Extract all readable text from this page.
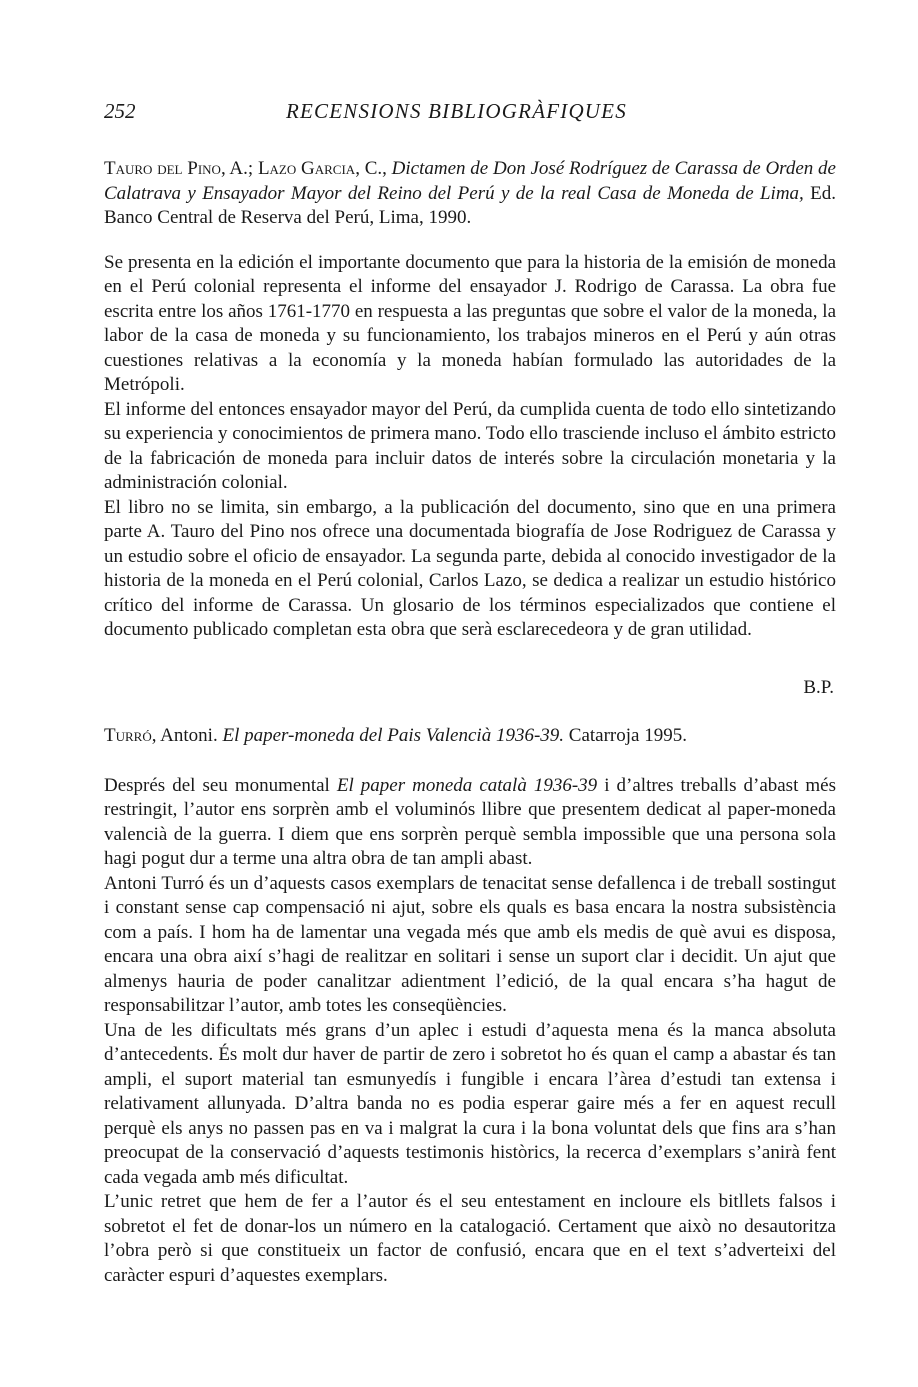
252	RECENSIONS BIBLIOGRÀFIQUES

Tauro del Pino, A.; Lazo Garcia, C., Dictamen de Don José Rodríguez de Carassa de Orden de Calatrava y Ensayador Mayor del Reino del Perú y de la real Casa de Moneda de Lima, Ed. Banco Central de Reserva del Perú, Lima, 1990.

Se presenta en la edición el importante documento que para la historia de la emisión de moneda en el Perú colonial representa el informe del ensayador J. Rodrigo de Carassa. La obra fue escrita entre los años 1761-1770 en respuesta a las preguntas que sobre el valor de la moneda, la labor de la casa de moneda y su funcionamiento, los trabajos mineros en el Perú y aún otras cuestiones relativas a la economía y la moneda habían formulado las autoridades de la Metrópoli.

El informe del entonces ensayador mayor del Perú, da cumplida cuenta de todo ello sintetizando su experiencia y conocimientos de primera mano. Todo ello trasciende incluso el ámbito estricto de la fabricación de moneda para incluir datos de interés sobre la circulación monetaria y la administración colonial.

El libro no se limita, sin embargo, a la publicación del documento, sino que en una primera parte A. Tauro del Pino nos ofrece una documentada biografía de Jose Rodriguez de Carassa y un estudio sobre el oficio de ensayador. La segunda parte, debida al conocido investigador de la historia de la moneda en el Perú colonial, Carlos Lazo, se dedica a realizar un estudio histórico crítico del informe de Carassa. Un glosario de los términos especializados que contiene el documento publicado completan esta obra que serà esclarecedeora y de gran utilidad.

B.P.

Turró, Antoni. El paper-moneda del Pais Valencià 1936-39. Catarroja 1995.

Després del seu monumental El paper moneda català 1936-39 i d’altres treballs d’abast més restringit, l’autor ens sorprèn amb el voluminós llibre que presentem dedicat al paper-moneda valencià de la guerra. I diem que ens sorprèn perquè sembla impossible que una persona sola hagi pogut dur a terme una altra obra de tan ampli abast.

Antoni Turró és un d’aquests casos exemplars de tenacitat sense defallenca i de treball sostingut i constant sense cap compensació ni ajut, sobre els quals es basa encara la nostra subsistència com a país. I hom ha de lamentar una vegada més que amb els medis de què avui es disposa, encara una obra així s’hagi de realitzar en solitari i sense un suport clar i decidit. Un ajut que almenys hauria de poder canalitzar adientment l’edició, de la qual encara s’ha hagut de responsabilitzar l’autor, amb totes les conseqüències.

Una de les dificultats més grans d’un aplec i estudi d’aquesta mena és la manca absoluta d’antecedents. És molt dur haver de partir de zero i sobretot ho és quan el camp a abastar és tan ampli, el suport material tan esmunyedís i fungible i encara l’àrea d’estudi tan extensa i relativament allunyada. D’altra banda no es podia esperar gaire més a fer en aquest recull perquè els anys no passen pas en va i malgrat la cura i la bona voluntat dels que fins ara s’han preocupat de la conservació d’aquests testimonis històrics, la recerca d’exemplars s’anirà fent cada vegada amb més dificultat.

L’unic retret que hem de fer a l’autor és el seu entestament en incloure els bitllets falsos i sobretot el fet de donar-los un número en la catalogació. Certament que això no desautoritza l’obra però si que constitueix un factor de confusió, encara que en el text s’adverteixi del caràcter espuri d’aquestes exemplars.
